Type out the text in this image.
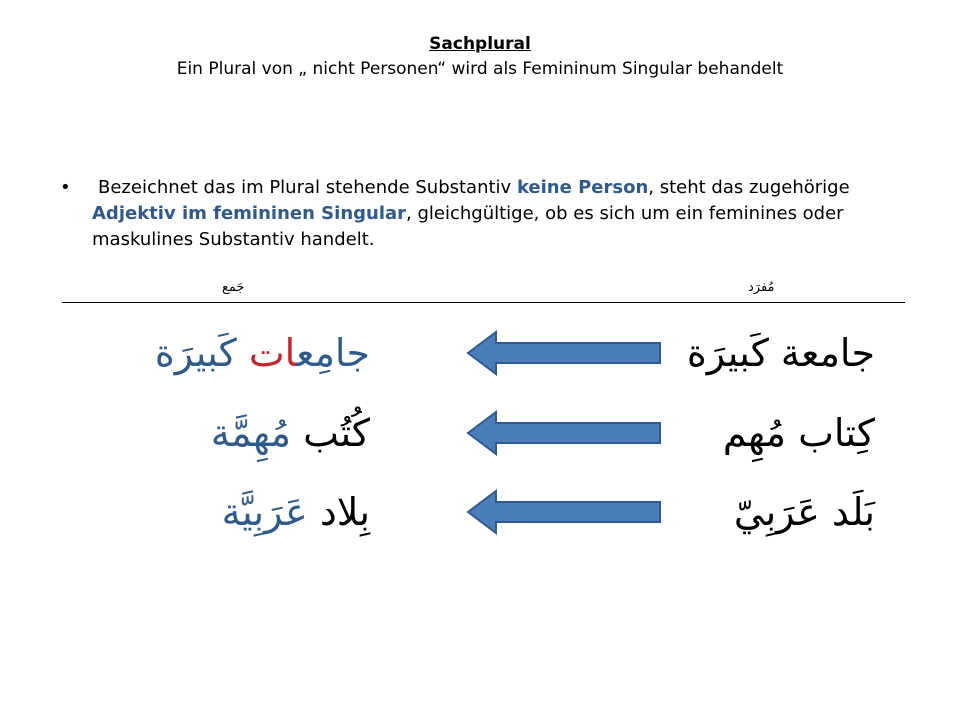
Sachplural
Ein Plural von „ nicht Personen“ wird als Femininum Singular behandelt
•	Bezeichnet das im Plural stehende Substantiv keine Person, steht das zugehörige Adjektiv im femininen Singular, gleichgültige, ob es sich um ein feminines oder maskulines Substantiv handelt.
جَمع	مُفرَد
جامِعات كَبيرَة	جامعة كَبيرَة
كُتُب مُهِمَّة	كِتاب مُهِم
بِلاد عَرَبِيَّة	بَلَد عَرَبِيّ
